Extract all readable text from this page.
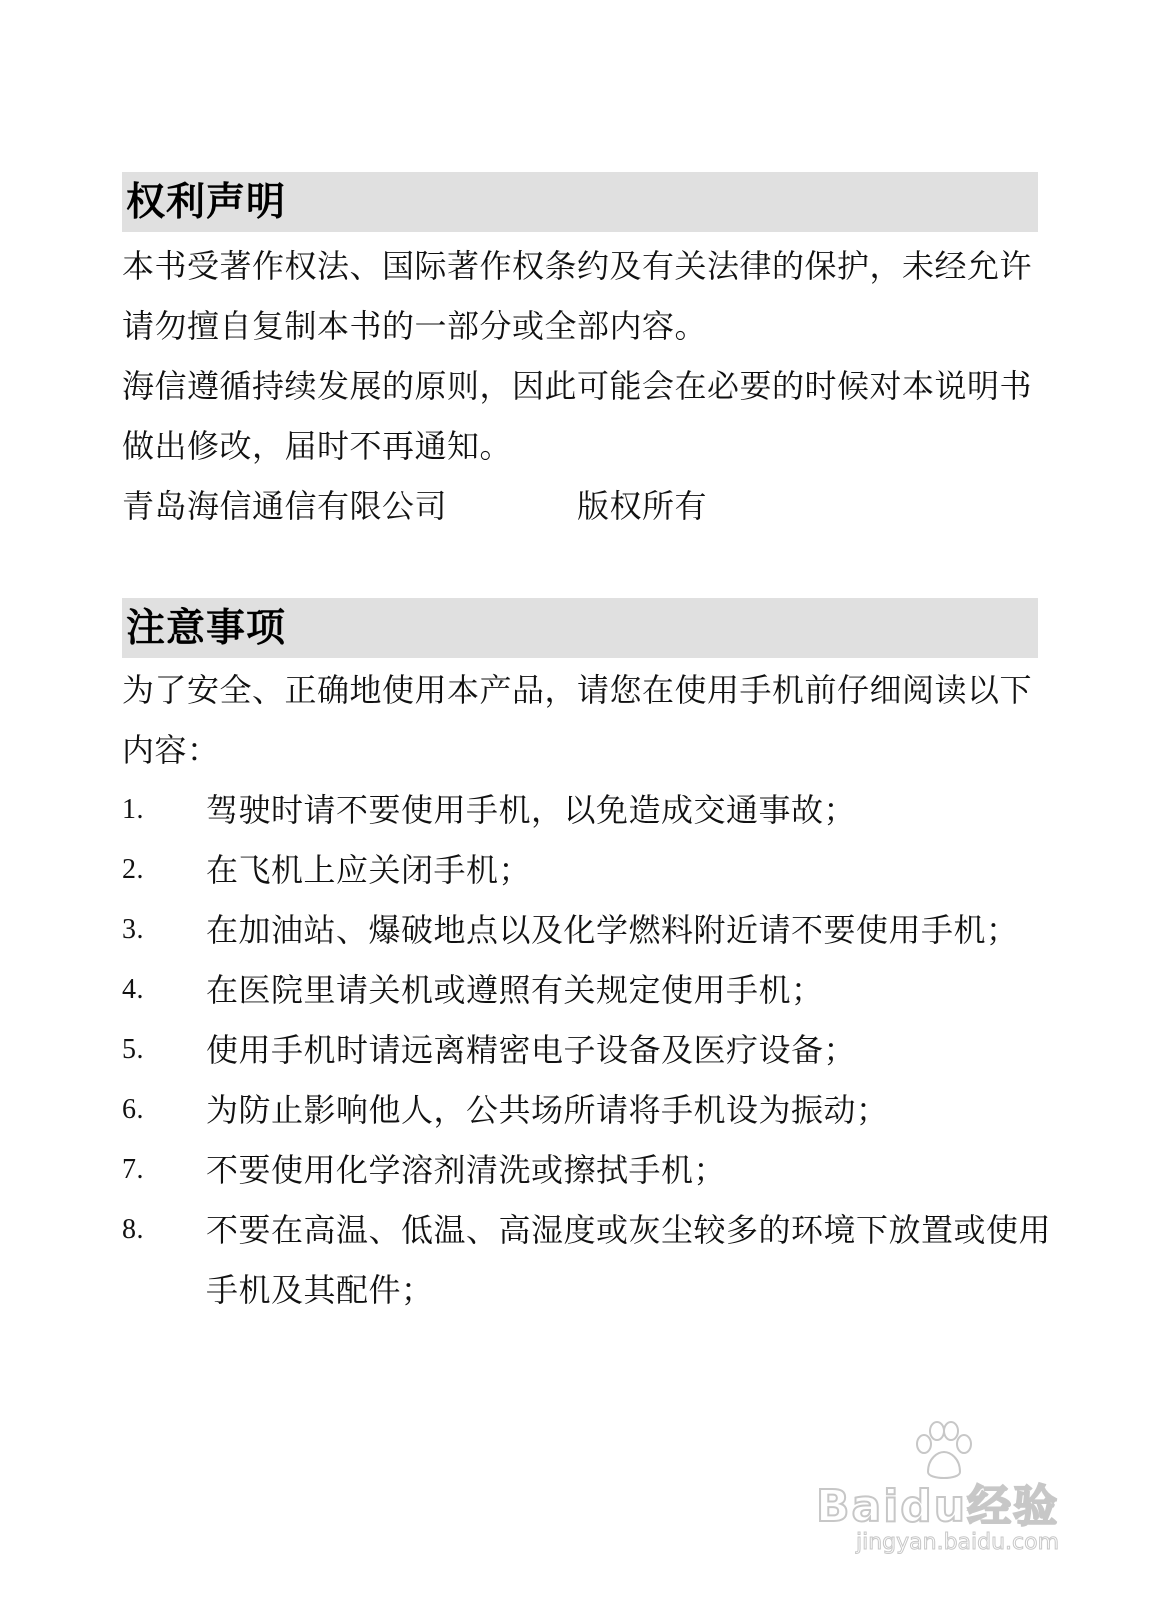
权利声明

本书受著作权法、国际著作权条约及有关法律的保护，未经允许请勿擅自复制本书的一部分或全部内容。

海信遵循持续发展的原则，因此可能会在必要的时候对本说明书做出修改，届时不再通知。

青岛海信通信有限公司	版权所有
注意事项

为了安全、正确地使用本产品，请您在使用手机前仔细阅读以下内容：

1. 驾驶时请不要使用手机，以免造成交通事故；
2. 在飞机上应关闭手机；
3. 在加油站、爆破地点以及化学燃料附近请不要使用手机；
4. 在医院里请关机或遵照有关规定使用手机；
5. 使用手机时请远离精密电子设备及医疗设备；
6. 为防止影响他人，公共场所请将手机设为振动；
7. 不要使用化学溶剂清洗或擦拭手机；
8. 不要在高温、低温、高湿度或灰尘较多的环境下放置或使用手机及其配件；
Baidu经验
jingyan.baidu.com
